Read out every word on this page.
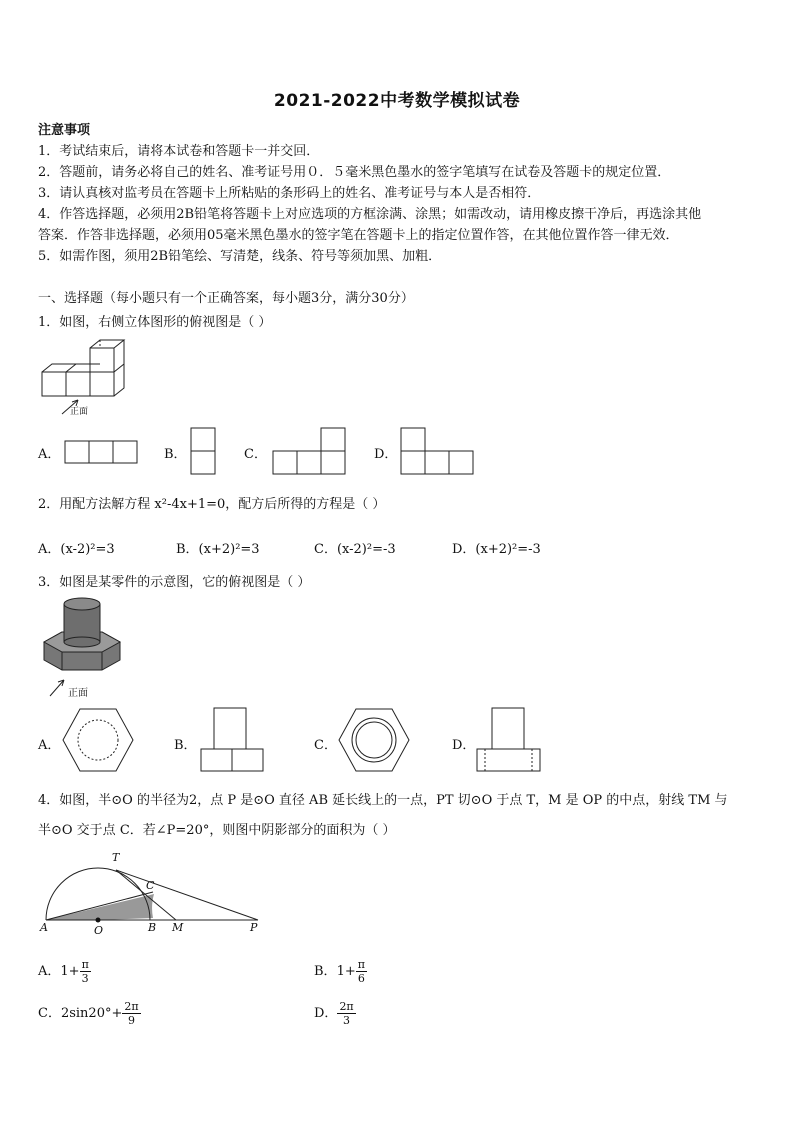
2021-2022中考数学模拟试卷
注意事项
1．考试结束后，请将本试卷和答题卡一并交回．
2．答题前，请务必将自己的姓名、准考证号用０．５毫米黑色墨水的签字笔填写在试卷及答题卡的规定位置．
3．请认真核对监考员在答题卡上所粘贴的条形码上的姓名、准考证号与本人是否相符．
4．作答选择题，必须用2B铅笔将答题卡上对应选项的方框涂满、涂黑；如需改动，请用橡皮擦干净后，再选涂其他
答案．作答非选择题，必须用05毫米黑色墨水的签字笔在答题卡上的指定位置作答，在其他位置作答一律无效．
5．如需作图，须用2B铅笔绘、写清楚，线条、符号等须加黑、加粗．
一、选择题（每小题只有一个正确答案，每小题3分，满分30分）
1．如图，右侧立体图形的俯视图是（ ）
正面
A．	B．	C．	D．
2．用配方法解方程 x²-4x+1=0，配方后所得的方程是（ ）
A．(x-2)²=3	B．(x+2)²=3	C．(x-2)²=-3	D．(x+2)²=-3
3．如图是某零件的示意图，它的俯视图是（ ）
正面
A．	B．	C．	D．
4．如图，半⊙O 的半径为2，点 P 是⊙O 直径 AB 延长线上的一点，PT 切⊙O 于点 T，M 是 OP 的中点，射线 TM 与
半⊙O 交于点 C．若∠P=20°，则图中阴影部分的面积为（ ）
T
C
A	O	B M	P
A．$1+ \frac{\pi}{3}$	B．$1+ \frac{\pi}{6}$
C．$2\sin 20^\circ+ \frac{2\pi}{9}$	D． $\frac{2\pi}{3}$
